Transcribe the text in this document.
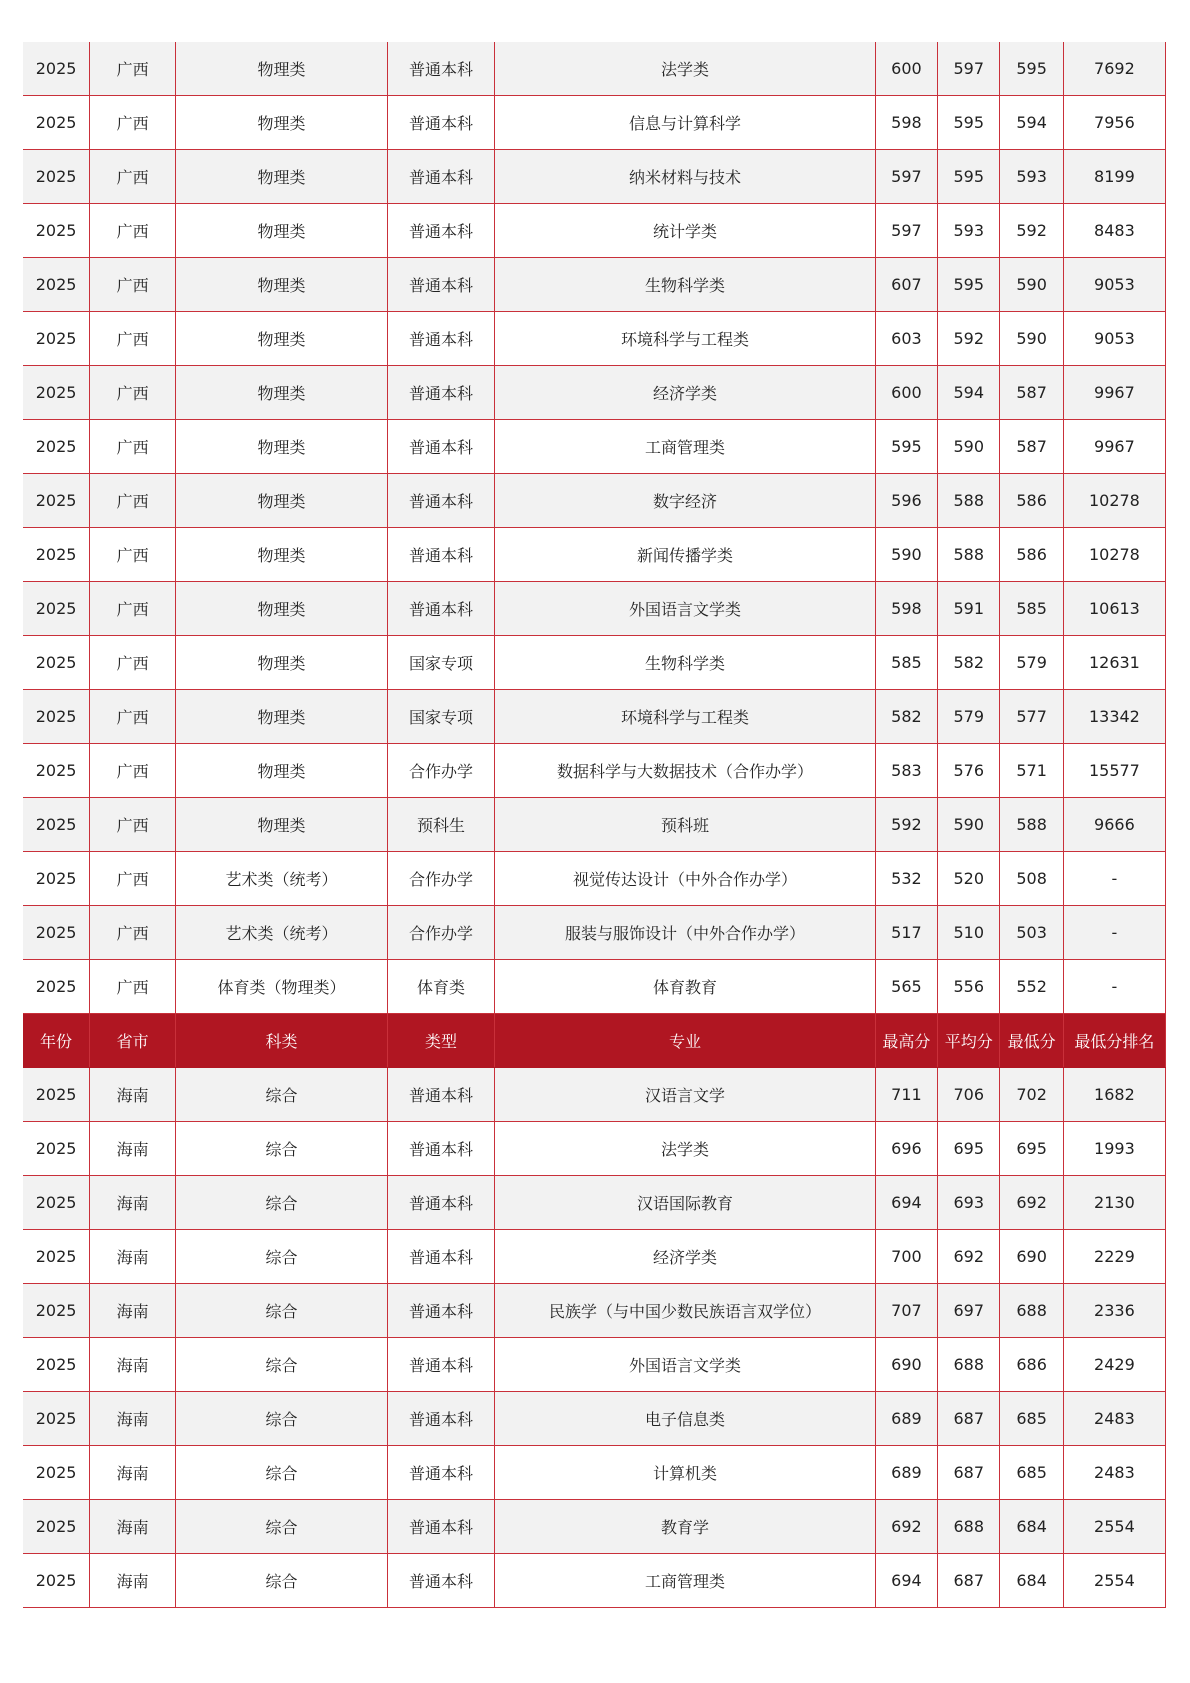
2025	广西	物理类	普通本科	法学类	600	597	595	7692
2025	广西	物理类	普通本科	信息与计算科学	598	595	594	7956
2025	广西	物理类	普通本科	纳米材料与技术	597	595	593	8199
2025	广西	物理类	普通本科	统计学类	597	593	592	8483
2025	广西	物理类	普通本科	生物科学类	607	595	590	9053
2025	广西	物理类	普通本科	环境科学与工程类	603	592	590	9053
2025	广西	物理类	普通本科	经济学类	600	594	587	9967
2025	广西	物理类	普通本科	工商管理类	595	590	587	9967
2025	广西	物理类	普通本科	数字经济	596	588	586	10278
2025	广西	物理类	普通本科	新闻传播学类	590	588	586	10278
2025	广西	物理类	普通本科	外国语言文学类	598	591	585	10613
2025	广西	物理类	国家专项	生物科学类	585	582	579	12631
2025	广西	物理类	国家专项	环境科学与工程类	582	579	577	13342
2025	广西	物理类	合作办学	数据科学与大数据技术（合作办学）	583	576	571	15577
2025	广西	物理类	预科生	预科班	592	590	588	9666
2025	广西	艺术类（统考）	合作办学	视觉传达设计（中外合作办学）	532	520	508	-
2025	广西	艺术类（统考）	合作办学	服装与服饰设计（中外合作办学）	517	510	503	-
2025	广西	体育类（物理类）	体育类	体育教育	565	556	552	-
年份	省市	科类	类型	专业	最高分	平均分	最低分	最低分排名
2025	海南	综合	普通本科	汉语言文学	711	706	702	1682
2025	海南	综合	普通本科	法学类	696	695	695	1993
2025	海南	综合	普通本科	汉语国际教育	694	693	692	2130
2025	海南	综合	普通本科	经济学类	700	692	690	2229
2025	海南	综合	普通本科	民族学（与中国少数民族语言双学位）	707	697	688	2336
2025	海南	综合	普通本科	外国语言文学类	690	688	686	2429
2025	海南	综合	普通本科	电子信息类	689	687	685	2483
2025	海南	综合	普通本科	计算机类	689	687	685	2483
2025	海南	综合	普通本科	教育学	692	688	684	2554
2025	海南	综合	普通本科	工商管理类	694	687	684	2554
